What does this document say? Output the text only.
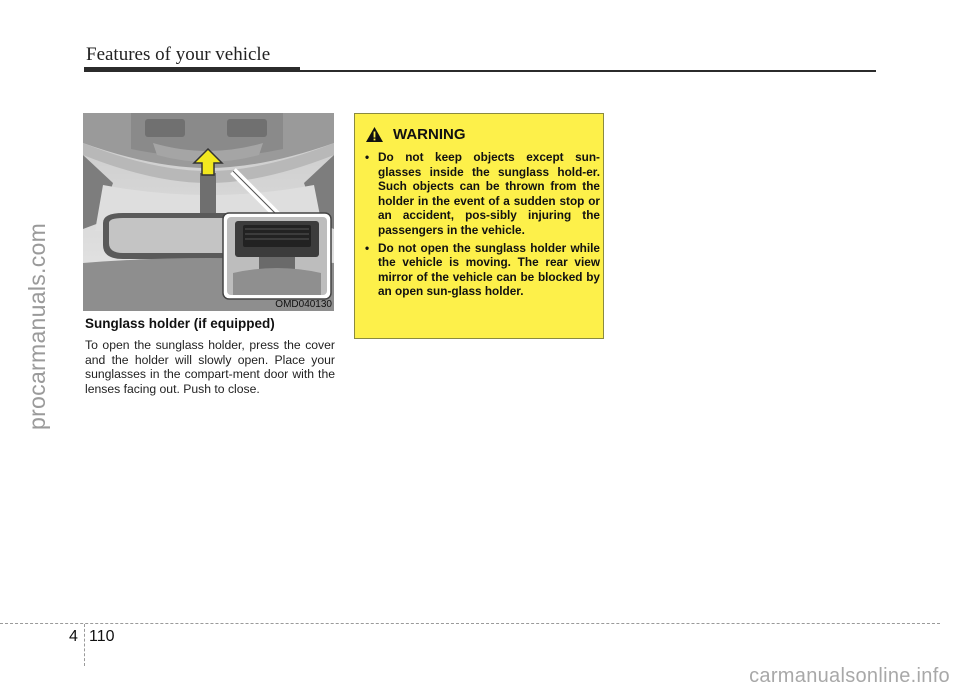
Features of your vehicle
procarmanuals.com	OMD040130
Sunglass holder (if equipped)
To open the sunglass holder, press the cover and the holder will slowly open. Place your sunglasses in the compart-ment door with the lenses facing out. Push to close.
WARNING
• Do not keep objects except sun-glasses inside the sunglass hold-er. Such objects can be thrown from the holder in the event of a sudden stop or an accident, pos-sibly injuring the passengers in the vehicle.
• Do not open the sunglass holder while the vehicle is moving. The rear view mirror of the vehicle can be blocked by an open sun-glass holder.
4 110
carmanualsonline.info
